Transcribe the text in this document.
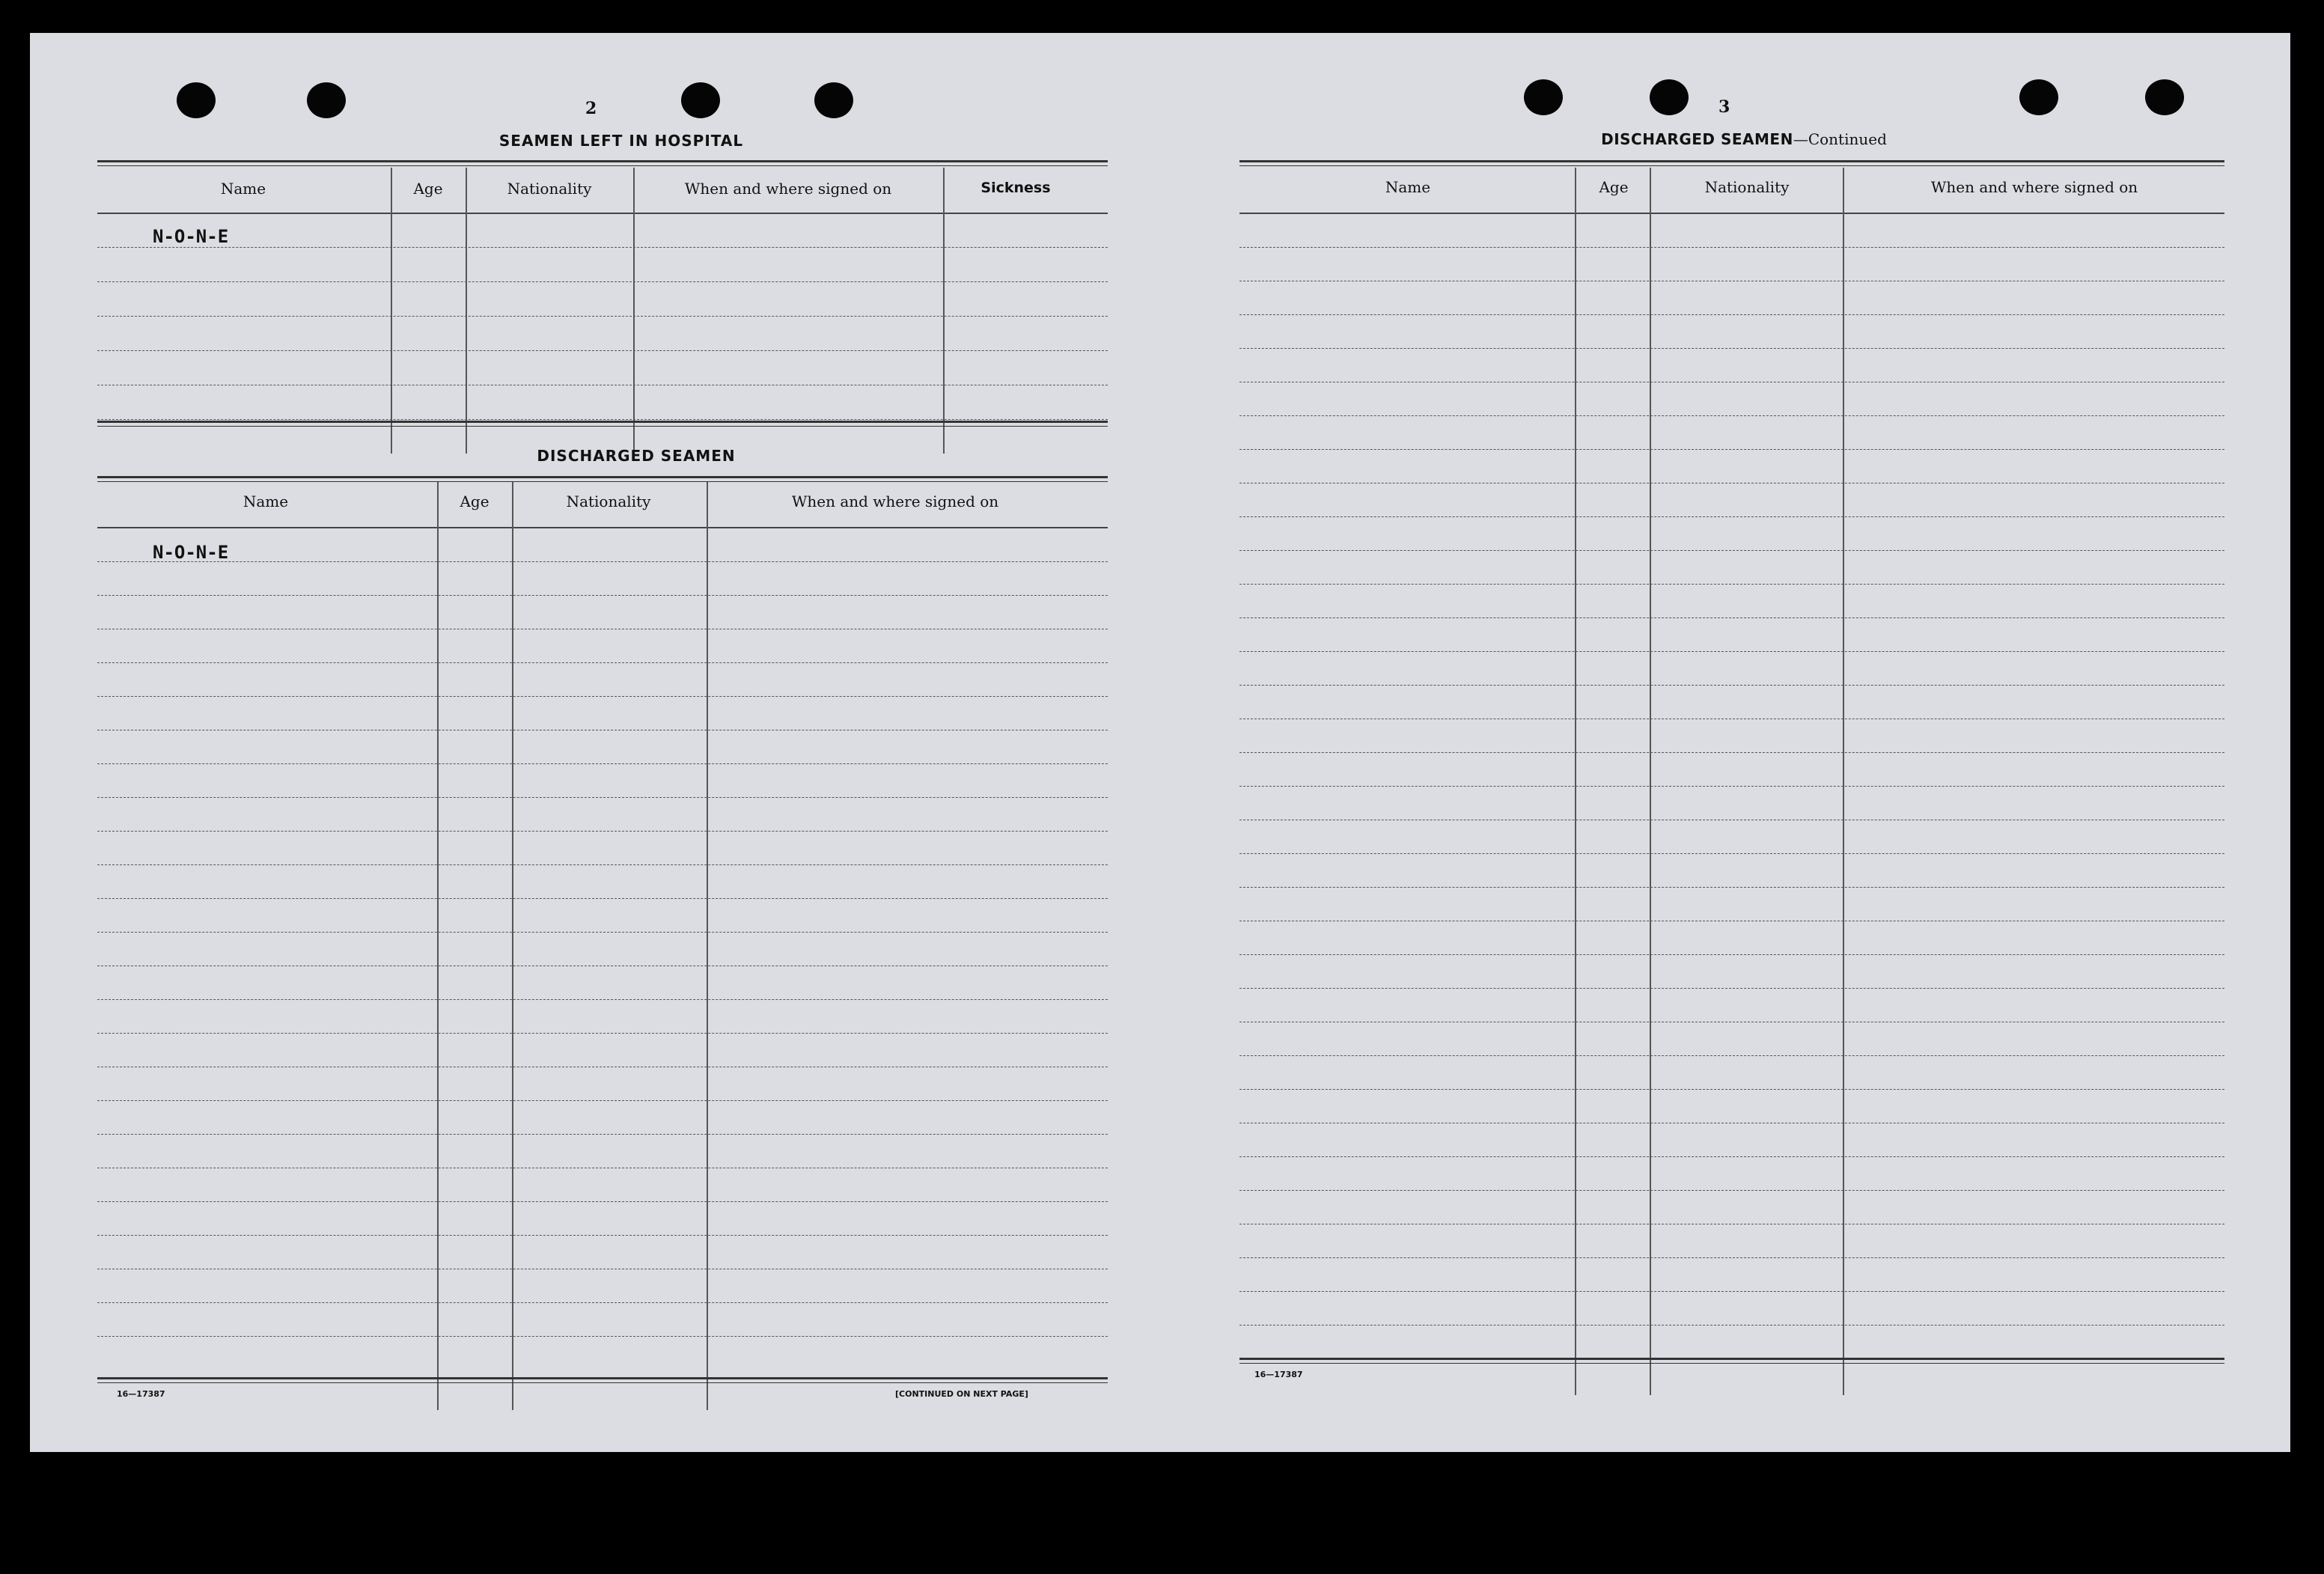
2
SEAMEN LEFT IN HOSPITAL
Name	Age	Nationality	When and where signed on	Sickness
N-O-N-E
DISCHARGED SEAMEN
Name	Age	Nationality	When and where signed on
N-O-N-E
16—17387	[CONTINUED ON NEXT PAGE]
3
DISCHARGED SEAMEN—Continued
Name	Age	Nationality	When and where signed on
16—17387
